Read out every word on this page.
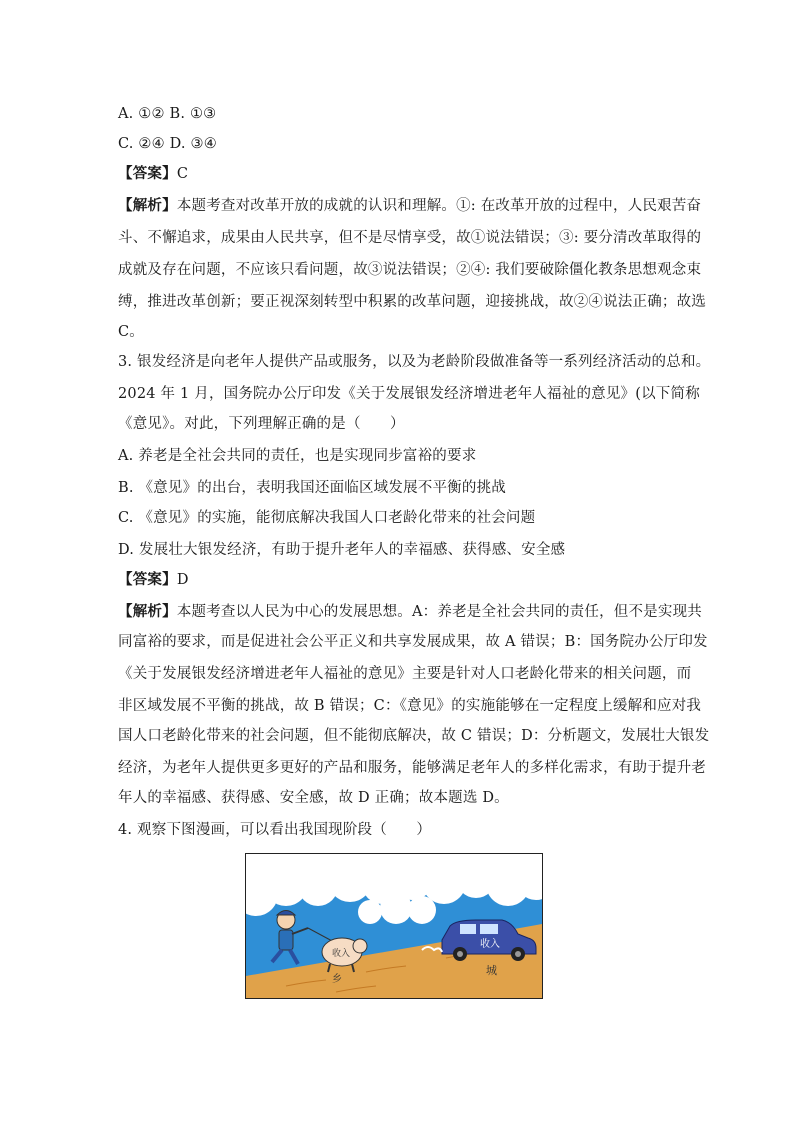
A. ①② B. ①③
C. ②④ D. ③④
【答案】C
【解析】本题考查对改革开放的成就的认识和理解。①: 在改革开放的过程中，人民艰苦奋
斗、不懈追求，成果由人民共享，但不是尽情享受，故①说法错误；③: 要分清改革取得的
成就及存在问题，不应该只看问题，故③说法错误；②④: 我们要破除僵化教条思想观念束
缚，推进改革创新；要正视深刻转型中积累的改革问题，迎接挑战，故②④说法正确；故选
C。
3. 银发经济是向老年人提供产品或服务，以及为老龄阶段做准备等一系列经济活动的总和。
2024 年 1 月，国务院办公厅印发《关于发展银发经济增进老年人福祉的意见》(以下简称
《意见》。对此，下列理解正确的是（　　）
A. 养老是全社会共同的责任，也是实现同步富裕的要求
B. 《意见》的出台，表明我国还面临区域发展不平衡的挑战
C. 《意见》的实施，能彻底解决我国人口老龄化带来的社会问题
D. 发展壮大银发经济，有助于提升老年人的幸福感、获得感、安全感
【答案】D
【解析】本题考查以人民为中心的发展思想。A：养老是全社会共同的责任，但不是实现共
同富裕的要求，而是促进社会公平正义和共享发展成果，故 A 错误；B：国务院办公厅印发
《关于发展银发经济增进老年人福祉的意见》主要是针对人口老龄化带来的相关问题，而
非区域发展不平衡的挑战，故 B 错误；C：《意见》的实施能够在一定程度上缓解和应对我
国人口老龄化带来的社会问题，但不能彻底解决，故 C 错误；D：分析题文，发展壮大银发
经济，为老年人提供更多更好的产品和服务，能够满足老年人的多样化需求，有助于提升老
年人的幸福感、获得感、安全感，故 D 正确；故本题选 D。
4. 观察下图漫画，可以看出我国现阶段（　　）
收入
乡
收入
城
